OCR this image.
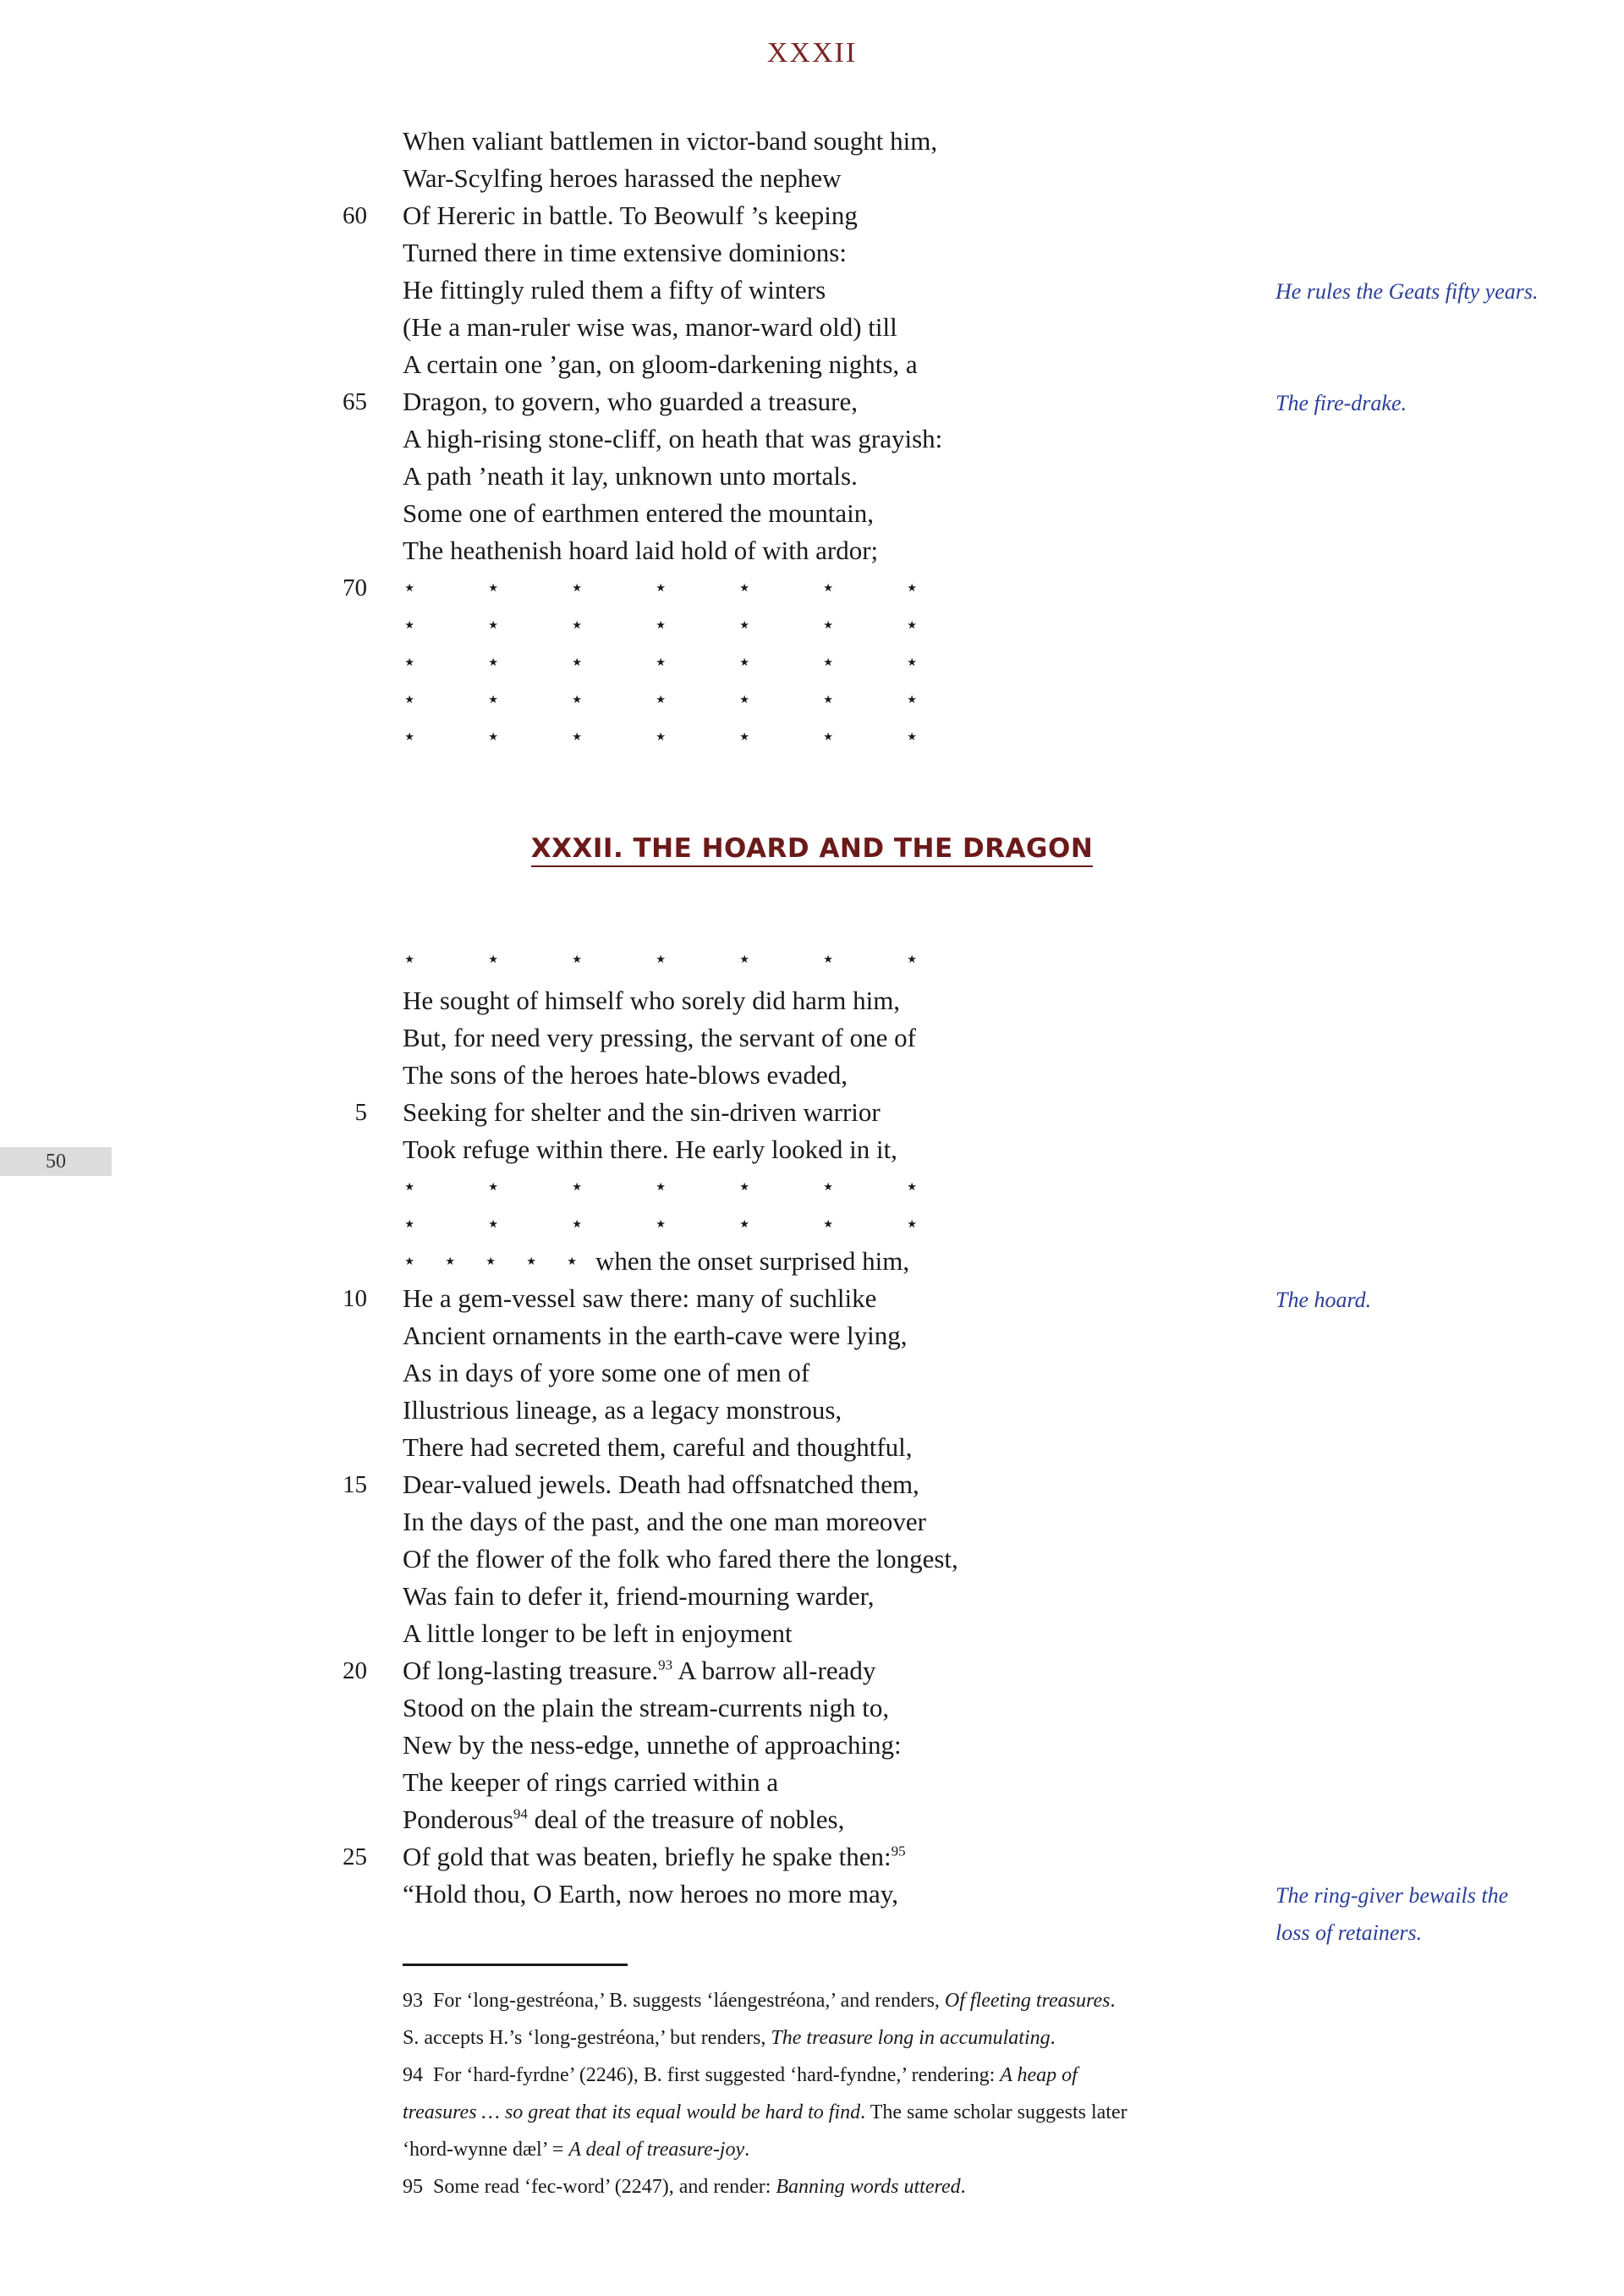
XXXII
When valiant battlemen in victor-band sought him,
War-Scylfing heroes harassed the nephew
Of Hereric in battle. To Beowulf ’s keeping
Turned there in time extensive dominions:
He fittingly ruled them a fifty of winters
(He a man-ruler wise was, manor-ward old) till
A certain one ’gan, on gloom-darkening nights, a
Dragon, to govern, who guarded a treasure,
A high-rising stone-cliff, on heath that was grayish:
A path ’neath it lay, unknown unto mortals.
Some one of earthmen entered the mountain,
The heathenish hoard laid hold of with ardor;
60
65
70 ⋆	⋆	⋆	⋆	⋆	⋆	⋆
⋆	⋆	⋆	⋆	⋆	⋆	⋆
⋆	⋆	⋆	⋆	⋆	⋆	⋆
⋆	⋆	⋆	⋆	⋆	⋆	⋆
⋆	⋆	⋆	⋆	⋆	⋆	⋆
He rules the Geats fifty years.
The fire-drake.
XXXII. THE HOARD AND THE DRAGON
50
⋆	⋆	⋆	⋆	⋆	⋆	⋆
He sought of himself who sorely did harm him,
But, for need very pressing, the servant of one of
The sons of the heroes hate-blows evaded,
Seeking for shelter and the sin-driven warrior
Took refuge within there. He early looked in it,
⋆	⋆	⋆	⋆	⋆	⋆	⋆
⋆	⋆	⋆	⋆	⋆	⋆	⋆
⋆ ⋆ ⋆ ⋆ ⋆ when the onset surprised him,
He a gem-vessel saw there: many of suchlike
Ancient ornaments in the earth-cave were lying,
As in days of yore some one of men of
Illustrious lineage, as a legacy monstrous,
There had secreted them, careful and thoughtful,
Dear-valued jewels. Death had offsnatched them,
In the days of the past, and the one man moreover
Of the flower of the folk who fared there the longest,
Was fain to defer it, friend-mourning warder,
A little longer to be left in enjoyment
Of long-lasting treasure.$^{93}$ A barrow all-ready
Stood on the plain the stream-currents nigh to,
New by the ness-edge, unnethe of approaching:
The keeper of rings carried within a
Ponderous$^{94}$ deal of the treasure of nobles,
Of gold that was beaten, briefly he spake then:$^{95}$
“Hold thou, O Earth, now heroes no more may,
5
10
15
20
25
The hoard.
The ring-giver bewails the
loss of retainers.
93 For ‘long-gestréona,’ B. suggests ‘láengestréona,’ and renders, Of fleeting treasures.
S. accepts H.’s ‘long-gestréona,’ but renders, The treasure long in accumulating.
94 For ‘hard-fyrdne’ (2246), B. first suggested ‘hard-fyndne,’ rendering: A heap of
treasures … so great that its equal would be hard to find. The same scholar suggests later
‘hord-wynne dæl’ = A deal of treasure-joy.
95 Some read ‘fec-word’ (2247), and render: Banning words uttered.
